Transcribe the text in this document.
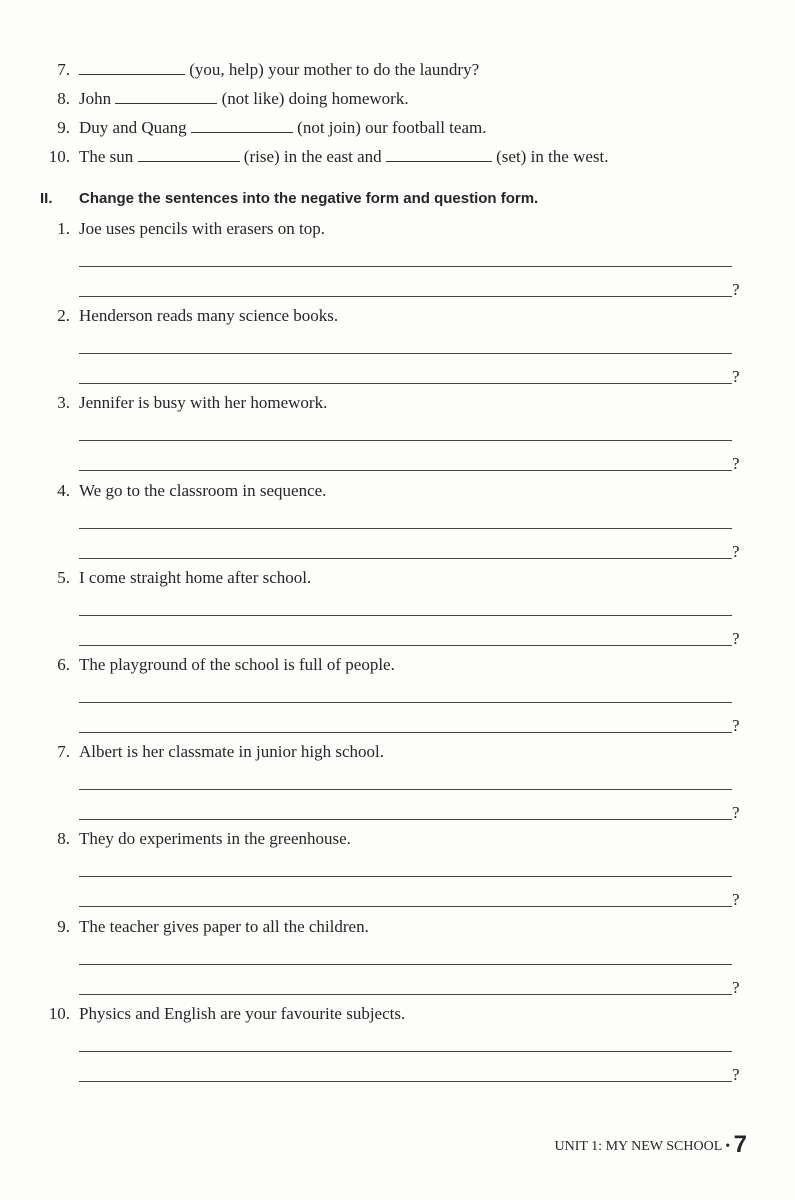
7.	(you, help) your mother to do the laundry?
8. John	(not like) doing homework.
9. Duy and Quang	(not join) our football team.
10. The sun	(rise) in the east and	(set) in the west.
II.	Change the sentences into the negative form and question form.
1. Joe uses pencils with erasers on top.
?
2. Henderson reads many science books.
?
3. Jennifer is busy with her homework.
?
4. We go to the classroom in sequence.
?
5. I come straight home after school.
?
6. The playground of the school is full of people.
?
7. Albert is her classmate in junior high school.
?
8. They do experiments in the greenhouse.
?
9. The teacher gives paper to all the children.
?
10. Physics and English are your favourite subjects.
?
UNIT 1: MY NEW SCHOOL • 7
